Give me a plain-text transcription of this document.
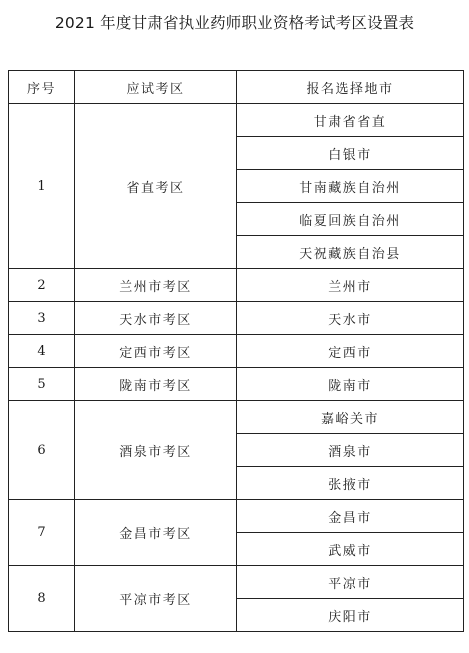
2021 年度甘肃省执业药师职业资格考试考区设置表
序号	应试考区	报名选择地市
1	省直考区	甘肃省省直
		白银市
		甘南藏族自治州
		临夏回族自治州
		天祝藏族自治县
2	兰州市考区	兰州市
3	天水市考区	天水市
4	定西市考区	定西市
5	陇南市考区	陇南市
6	酒泉市考区	嘉峪关市
		酒泉市
		张掖市
7	金昌市考区	金昌市
		武威市
8	平凉市考区	平凉市
		庆阳市
